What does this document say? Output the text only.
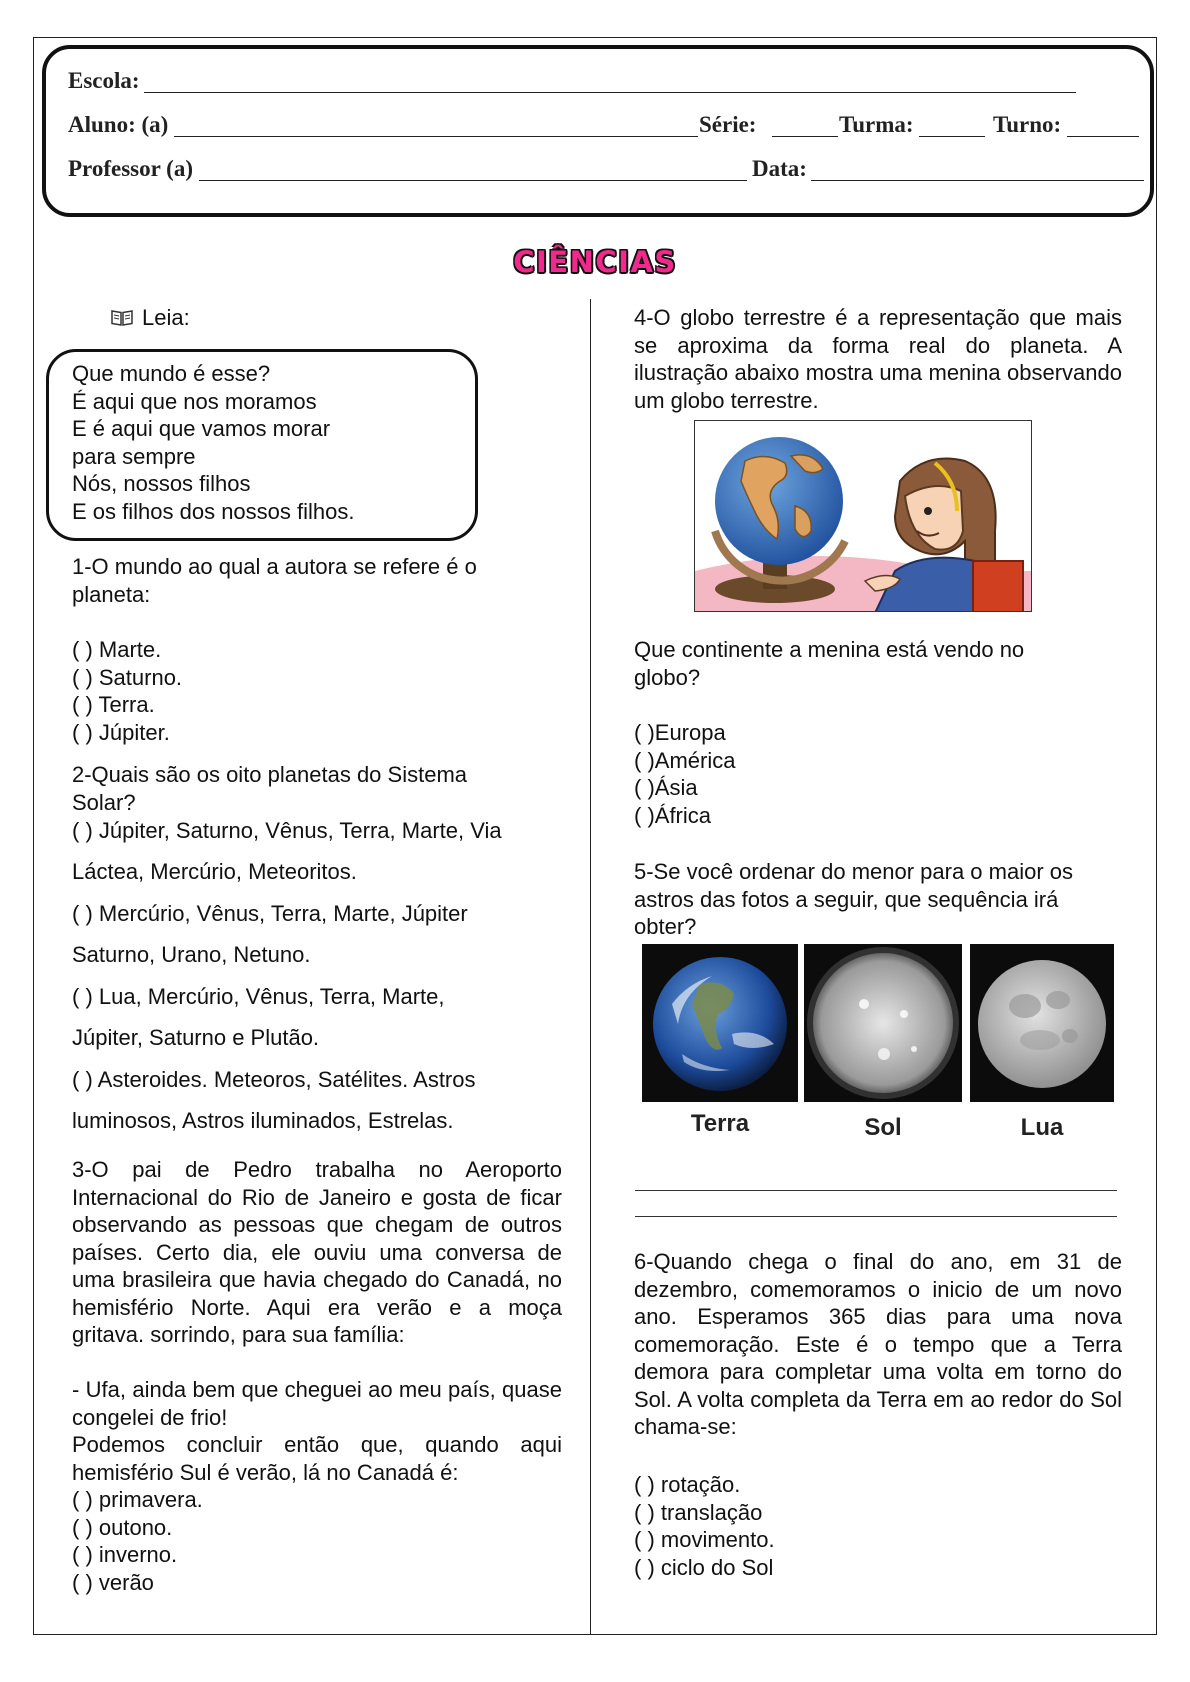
Escola:
Aluno: (a)	Série:	Turma:	Turno:
Professor (a)	Data:
CIÊNCIAS
Leia:
Que mundo é esse?
É aqui que nos moramos
E é aqui que vamos morar
para sempre
Nós, nossos filhos
E os filhos dos nossos filhos.
1-O mundo ao qual a autora se refere é o
planeta:
( ) Marte.
( ) Saturno.
( ) Terra.
( ) Júpiter.
2-Quais são os oito planetas do Sistema
Solar?
( ) Júpiter, Saturno, Vênus, Terra, Marte, Via
Láctea, Mercúrio, Meteoritos.
( ) Mercúrio, Vênus, Terra, Marte, Júpiter
Saturno, Urano, Netuno.
( ) Lua, Mercúrio, Vênus, Terra, Marte,
Júpiter, Saturno e Plutão.
( ) Asteroides. Meteoros, Satélites. Astros
luminosos, Astros iluminados, Estrelas.
3-O pai de Pedro trabalha no Aeroporto Internacional do Rio de Janeiro e gosta de ficar observando as pessoas que chegam de outros países. Certo dia, ele ouviu uma conversa de uma brasileira que havia chegado do Canadá, no hemisfério Norte. Aqui era verão e a moça gritava. sorrindo, para sua família:
- Ufa, ainda bem que cheguei ao meu país, quase congelei de frio!
Podemos concluir então que, quando aqui hemisfério Sul é verão, lá no Canadá é:
( ) primavera.
( ) outono.
( ) inverno.
( ) verão
4-O globo terrestre é a representação que mais se aproxima da forma real do planeta. A ilustração abaixo mostra uma menina observando um globo terrestre.
Que continente a menina está vendo no
globo?
( )Europa
( )América
( )Ásia
( )África
5-Se você ordenar do menor para o maior os
astros das fotos a seguir, que sequência irá
obter?
Terra	Sol	Lua
6-Quando chega o final do ano, em 31 de dezembro, comemoramos o inicio de um novo ano. Esperamos 365 dias para uma nova comemoração. Este é o tempo que a Terra demora para completar uma volta em torno do Sol. A volta completa da Terra em ao redor do Sol chama-se:
( ) rotação.
( ) translação
( ) movimento.
( ) ciclo do Sol
